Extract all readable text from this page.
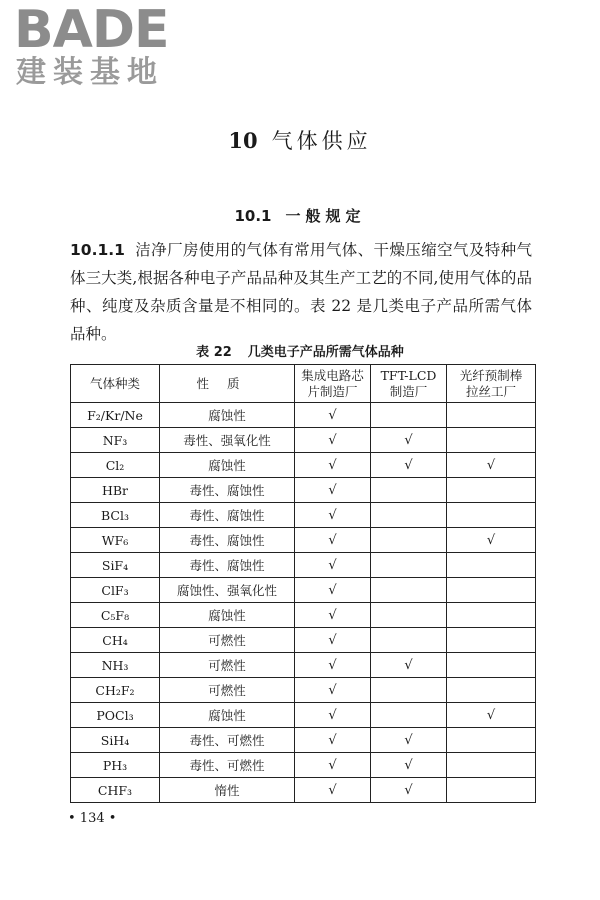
BADE
建装基地
10 气体供应
10.1 一般规定
10.1.1 洁净厂房使用的气体有常用气体、干燥压缩空气及特种气体三大类,根据各种电子产品品种及其生产工艺的不同,使用气体的品种、纯度及杂质含量是不相同的。表 22 是几类电子产品所需气体品种。
表 22 几类电子产品所需气体品种
气体种类	性质	集成电路芯片制造厂	TFT-LCD制造厂	光纤预制棒拉丝工厂
F₂/Kr/Ne	腐蚀性	√		
NF₃	毒性、强氧化性	√	√	
Cl₂	腐蚀性	√	√	√
HBr	毒性、腐蚀性	√		
BCl₃	毒性、腐蚀性	√		
WF₆	毒性、腐蚀性	√		√
SiF₄	毒性、腐蚀性	√		
ClF₃	腐蚀性、强氧化性	√		
C₅F₈	腐蚀性	√		
CH₄	可燃性	√		
NH₃	可燃性	√	√	
CH₂F₂	可燃性	√		
POCl₃	腐蚀性	√		√
SiH₄	毒性、可燃性	√	√	
PH₃	毒性、可燃性	√	√	
CHF₃	惰性	√	√	
• 134 •
